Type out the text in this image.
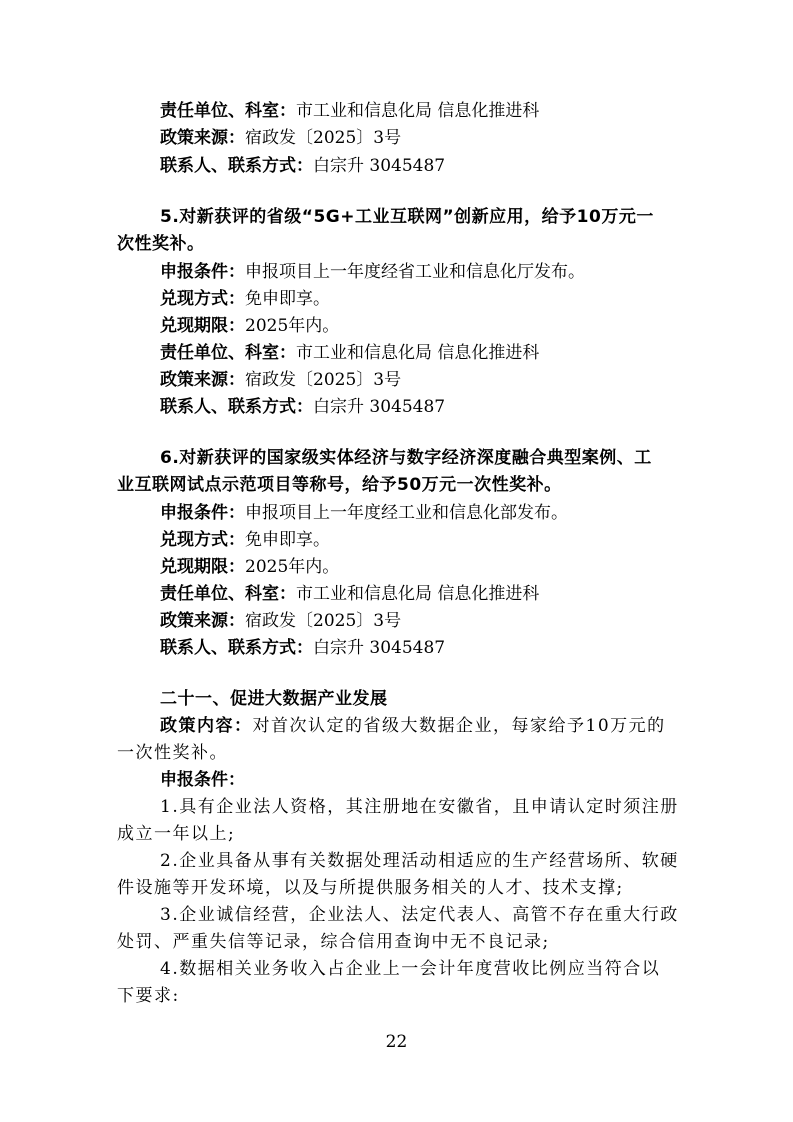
责任单位、科室：市工业和信息化局 信息化推进科
政策来源：宿政发〔2025〕3号
联系人、联系方式：白宗升 3045487
5.对新获评的省级“5G+工业互联网”创新应用，给予10万元一
次性奖补。
申报条件：申报项目上一年度经省工业和信息化厅发布。
兑现方式：免申即享。
兑现期限：2025年内。
责任单位、科室：市工业和信息化局 信息化推进科
政策来源：宿政发〔2025〕3号
联系人、联系方式：白宗升 3045487
6.对新获评的国家级实体经济与数字经济深度融合典型案例、工
业互联网试点示范项目等称号，给予50万元一次性奖补。
申报条件：申报项目上一年度经工业和信息化部发布。
兑现方式：免申即享。
兑现期限：2025年内。
责任单位、科室：市工业和信息化局 信息化推进科
政策来源：宿政发〔2025〕3号
联系人、联系方式：白宗升 3045487
二十一、促进大数据产业发展
政策内容：对首次认定的省级大数据企业，每家给予10万元的
一次性奖补。
申报条件：
1.具有企业法人资格，其注册地在安徽省，且申请认定时须注册
成立一年以上;
2.企业具备从事有关数据处理活动相适应的生产经营场所、软硬
件设施等开发环境，以及与所提供服务相关的人才、技术支撑;
3.企业诚信经营，企业法人、法定代表人、高管不存在重大行政
处罚、严重失信等记录，综合信用查询中无不良记录;
4.数据相关业务收入占企业上一会计年度营收比例应当符合以
下要求:
22
